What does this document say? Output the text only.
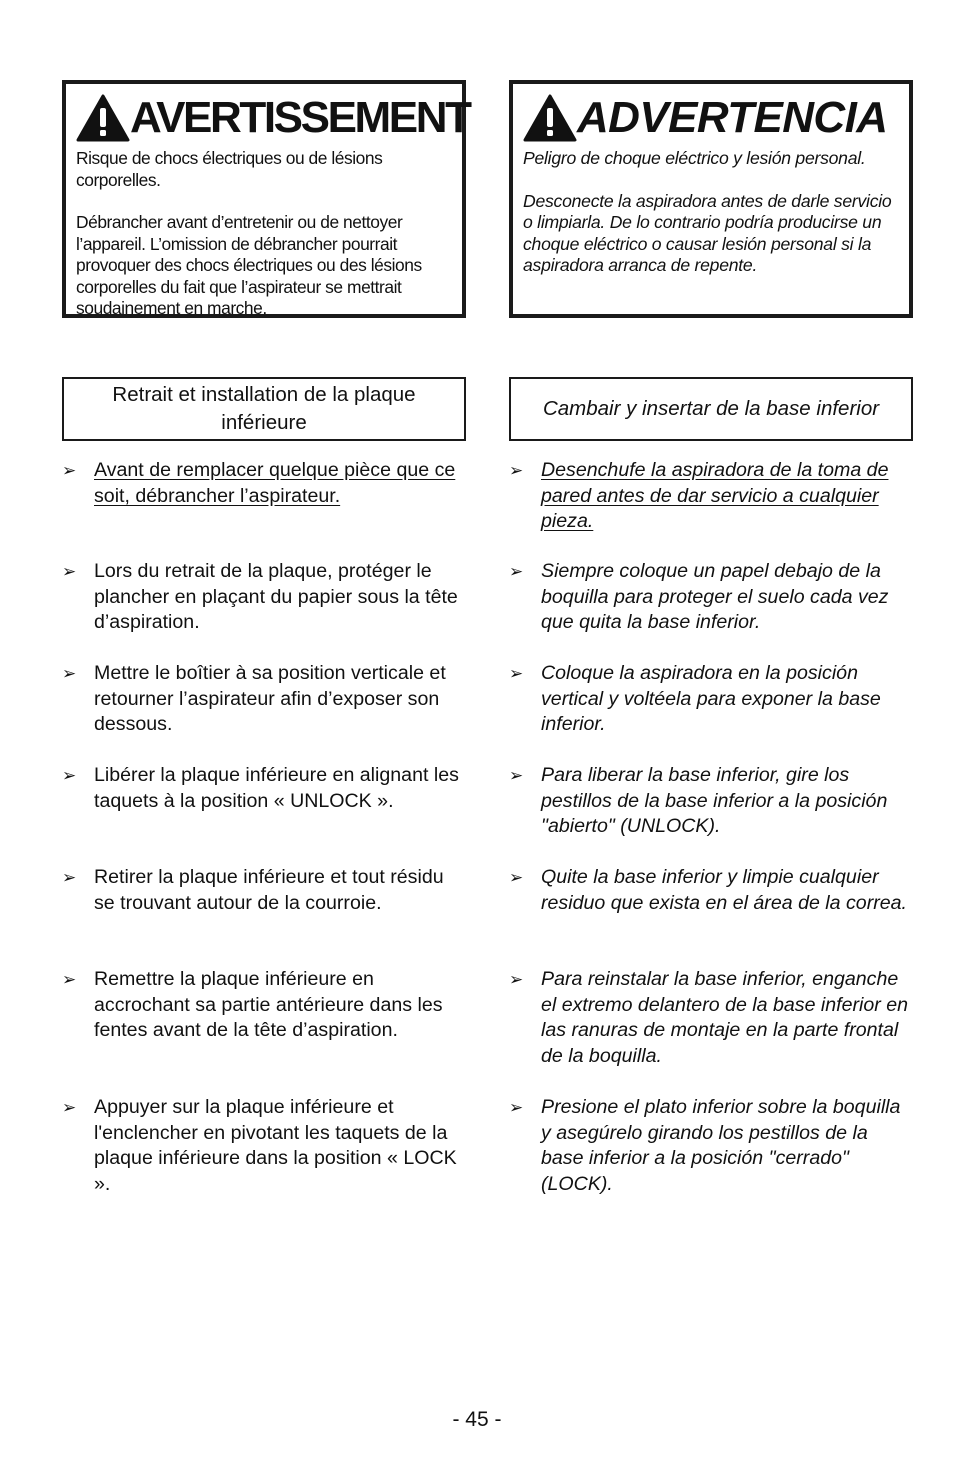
AVERTISSEMENT

Risque de chocs électriques ou de lésions corporelles.

Débrancher avant d’entretenir ou de nettoyer l’appareil. L’omission de débrancher pourrait provoquer des chocs électriques ou des lésions corporelles du fait que l’aspirateur se mettrait soudainement en marche.

ADVERTENCIA

Peligro de choque eléctrico y lesión personal.

Desconecte la aspiradora antes de darle servicio o limpiarla. De lo contrario podría producirse un choque eléctrico o causar lesión personal si la aspiradora arranca de repente.

Retrait et installation de la plaque inférieure
Cambair y insertar de la base inferior
➢ Avant de remplacer quelque pièce que ce soit, débrancher l’aspirateur.
➢ Lors du retrait de la plaque, protéger le plancher en plaçant du papier sous la tête d’aspiration.
➢ Mettre le boîtier à sa position verticale et retourner l’aspirateur afin d’exposer son dessous.
➢ Libérer la plaque inférieure en alignant les taquets à la position « UNLOCK ».
➢ Retirer la plaque inférieure et tout résidu se trouvant autour de la courroie.
➢ Remettre la plaque inférieure en accrochant sa partie antérieure dans les fentes avant de la tête d’aspiration.
➢ Appuyer sur la plaque inférieure et l'enclencher en pivotant les taquets de la plaque inférieure dans la position « LOCK ».
➢ Desenchufe la aspiradora de la toma de pared antes de dar servicio a cualquier pieza.
➢ Siempre coloque un papel debajo de la boquilla para proteger el suelo cada vez que quita la base inferior.
➢ Coloque la aspiradora en la posición vertical y voltéela para exponer la base inferior.
➢ Para liberar la base inferior, gire los pestillos de la base inferior a la posición "abierto" (UNLOCK).
➢ Quite la base inferior y limpie cualquier residuo que exista en el área de la correa.
➢ Para reinstalar la base inferior, enganche el extremo delantero de la base inferior en las ranuras de montaje en la parte frontal de la boquilla.
➢ Presione el plato inferior sobre la boquilla y asegúrelo girando los pestillos de la base inferior a la posición "cerrado" (LOCK).
- 45 -
